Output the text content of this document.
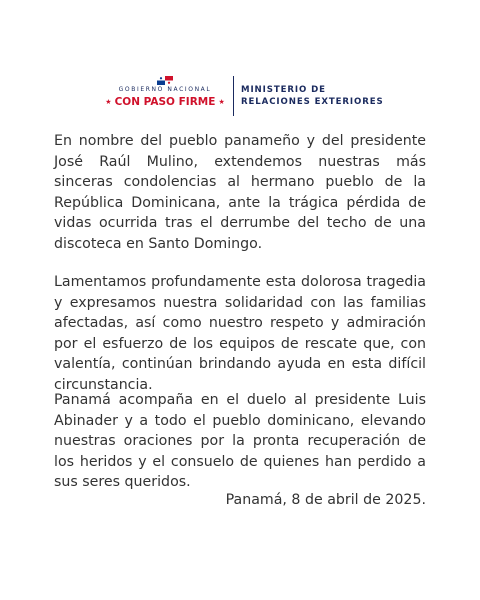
GOBIERNO NACIONAL
★ CON PASO FIRME ★
MINISTERIO DE
RELACIONES EXTERIORES
En nombre del pueblo panameño y del presidente José Raúl Mulino, extendemos nuestras más sinceras condolencias al hermano pueblo de la República Dominicana, ante la trágica pérdida de vidas ocurrida tras el derrumbe del techo de una discoteca en Santo Domingo.
Lamentamos profundamente esta dolorosa tragedia y expresamos nuestra solidaridad con las familias afectadas, así como nuestro respeto y admiración por el esfuerzo de los equipos de rescate que, con valentía, continúan brindando ayuda en esta difícil circunstancia.
Panamá acompaña en el duelo al presidente Luis Abinader y a todo el pueblo dominicano, elevando nuestras oraciones por la pronta recuperación de los heridos y el consuelo de quienes han perdido a sus seres queridos.
Panamá, 8 de abril de 2025.
